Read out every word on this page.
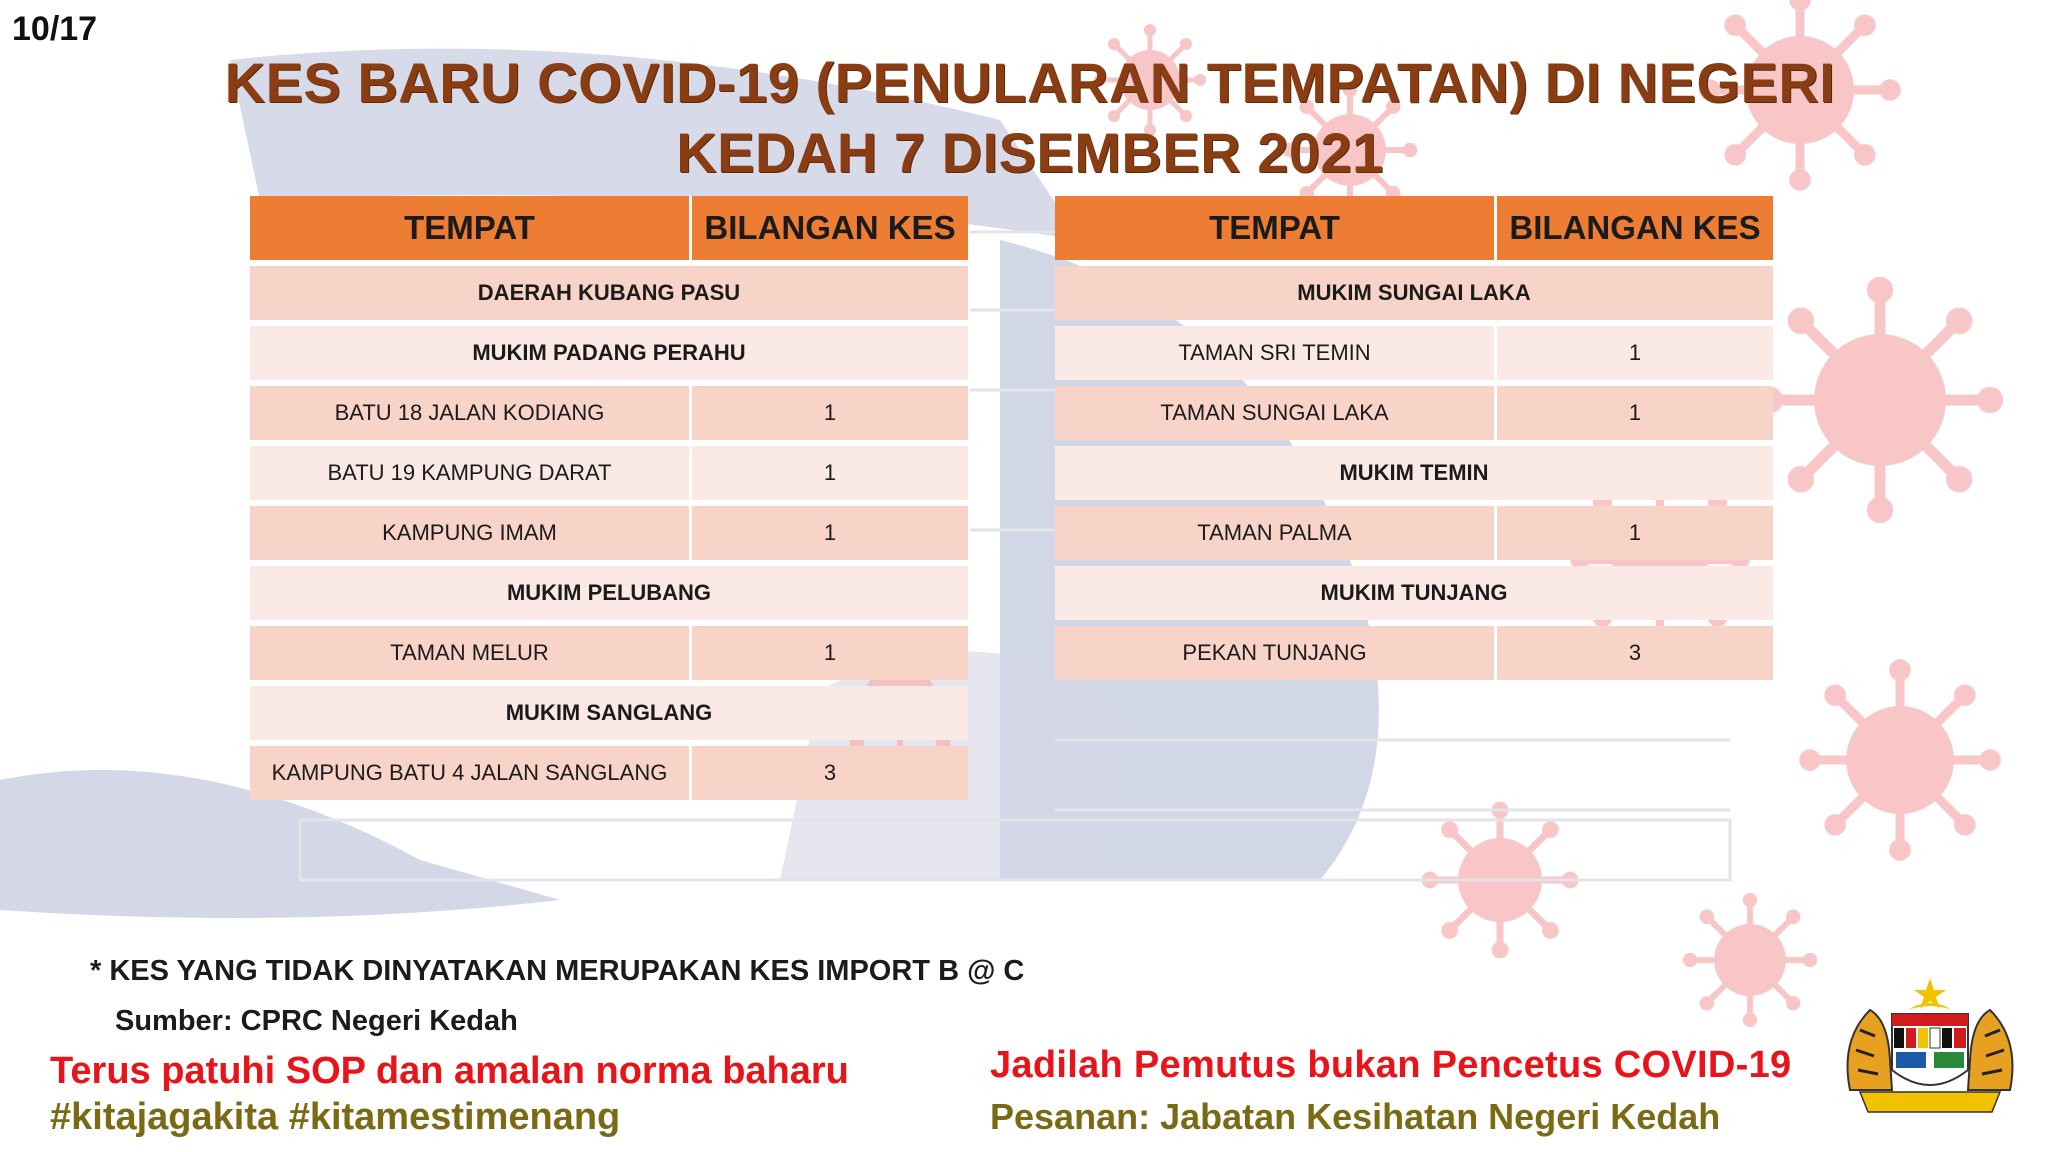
10/17
KES BARU COVID-19 (PENULARAN TEMPATAN) DI NEGERI
KEDAH 7 DISEMBER 2021
TEMPAT	BILANGAN KES
DAERAH KUBANG PASU	
MUKIM PADANG PERAHU	
BATU 18 JALAN KODIANG	1
BATU 19 KAMPUNG DARAT	1
KAMPUNG IMAM	1
MUKIM PELUBANG	
TAMAN MELUR	1
MUKIM SANGLANG	
KAMPUNG BATU 4 JALAN SANGLANG	3
TEMPAT	BILANGAN KES
MUKIM SUNGAI LAKA	
TAMAN SRI TEMIN	1
TAMAN SUNGAI LAKA	1
MUKIM TEMIN	
TAMAN PALMA	1
MUKIM TUNJANG	
PEKAN TUNJANG	3
* KES YANG TIDAK DINYATAKAN MERUPAKAN KES IMPORT B @ C
Sumber: CPRC Negeri Kedah
Terus patuhi SOP dan amalan norma baharu
#kitajagakita #kitamestimenang
Jadilah Pemutus bukan Pencetus COVID-19
Pesanan: Jabatan Kesihatan Negeri Kedah
